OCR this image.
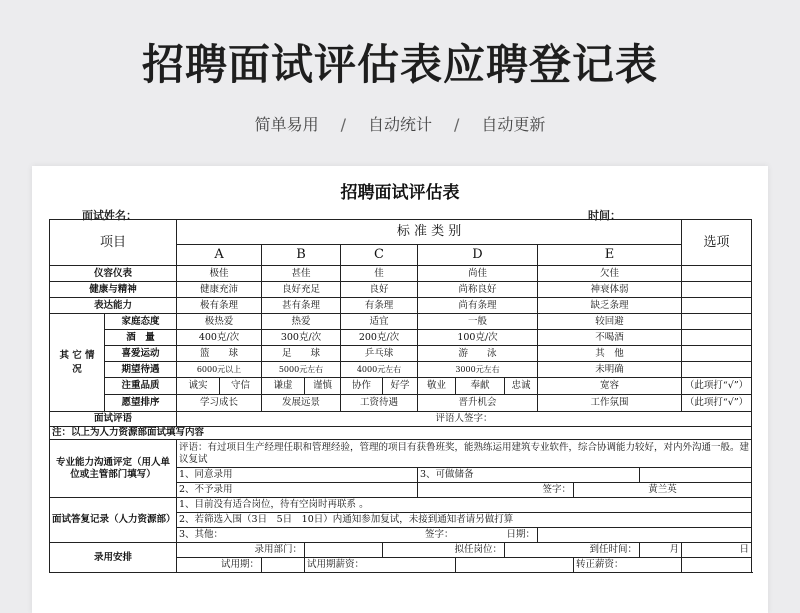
招聘面试评估表应聘登记表
简单易用 / 自动统计 / 自动更新
招聘面试评估表
面试姓名：	时间：
项目		标 准 类 别												选项
		A		B		C		D			E			
仪容仪表		极佳		甚佳		佳		尚佳			欠佳			
健康与精神		健康充沛		良好充足		良好		尚称良好			神衰体弱			
表达能力		极有条理		甚有条理		有条理		尚有条理			缺乏条理			
其 它 情 况	家庭态度	极热爱		热爱		适宜		一般			较回避			
	酒　量	400克/次		300克/次		200克/次		100克/次			不喝酒			
	喜爱运动	篮　　球		足　　球		乒乓球		游　　泳			其　他			
	期望待遇	6000元以上		5000元左右		4000元左右		3000元左右			未明确			
	注重品质	诚实	守信	谦虚	谨慎	协作	好学	敬业	奉献	忠诚	宽容			（此项打“√”）
	愿望排序	学习成长		发展远景		工资待遇		晋升机会			工作氛围			（此项打“√”）
面试评语		评语人签字：												
注：以上为人力资源部面试填写内容														
专业能力沟通评定（用人单位或主管部门填写）		评语：有过项目生产经理任职和管理经验，管理的项目有获鲁班奖，能熟练运用建筑专业软件，综合协调能力较好，对内外沟通一般。建议复试												
		1、同意录用						3、可做储备						
		2、不予录用						签字：				黄兰英		
面试答复记录（人力资源部）		1、目前没有适合岗位，待有空岗时再联系 。												
		2、若筛选入围（3日　5日　10日）内通知参加复试，未接到通知者请另做打算												
		3、其他：				签字：			日期：					
录用安排		录用部门：					拟任岗位：			到任时间：			月	日
		试用期：			试用期薪资：							转正薪资：		
